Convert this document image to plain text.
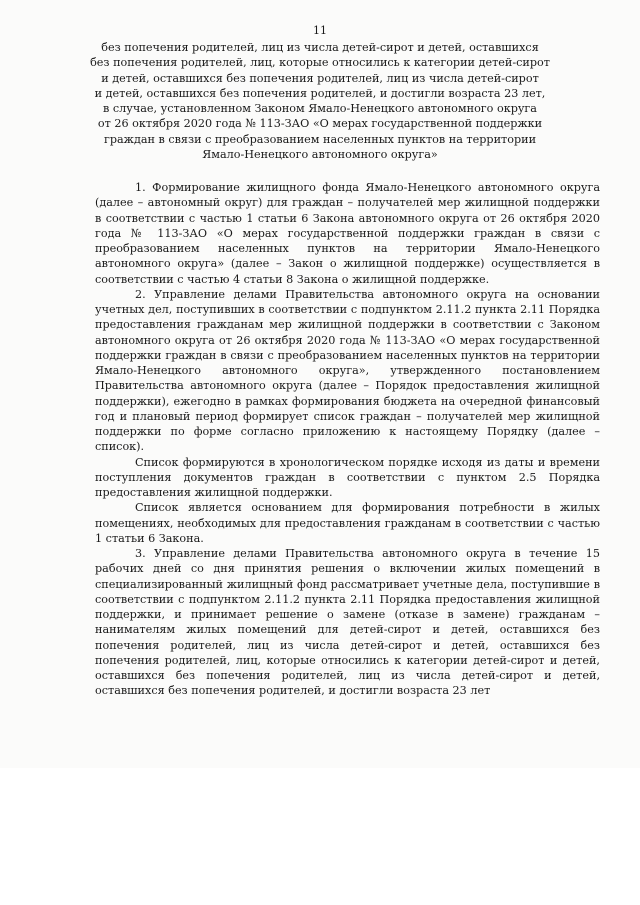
11
без попечения родителей, лиц из числа детей-сирот и детей, оставшихся
без попечения родителей, лиц, которые относились к категории детей-сирот
и детей, оставшихся без попечения родителей, лиц из числа детей-сирот
и детей, оставшихся без попечения родителей, и достигли возраста 23 лет,
в случае, установленном Законом Ямало-Ненецкого автономного округа
от 26 октября 2020 года № 113-ЗАО «О мерах государственной поддержки
граждан в связи с преобразованием населенных пунктов на территории
Ямало-Ненецкого автономного округа»

1. Формирование жилищного фонда Ямало-Ненецкого автономного округа (далее – автономный округ) для граждан – получателей мер жилищной поддержки в соответствии с частью 1 статьи 6 Закона автономного округа от 26 октября 2020 года № 113-ЗАО «О мерах государственной поддержки граждан в связи с преобразованием населенных пунктов на территории Ямало-Ненецкого автономного округа» (далее – Закон о жилищной поддержке) осуществляется в соответствии с частью 4 статьи 8 Закона о жилищной поддержке.

2. Управление делами Правительства автономного округа на основании учетных дел, поступивших в соответствии с подпунктом 2.11.2 пункта 2.11 Порядка предоставления гражданам мер жилищной поддержки в соответствии с Законом автономного округа от 26 октября 2020 года № 113-ЗАО «О мерах государственной поддержки граждан в связи с преобразованием населенных пунктов на территории Ямало-Ненецкого автономного округа», утвержденного постановлением Правительства автономного округа (далее – Порядок предоставления жилищной поддержки), ежегодно в рамках формирования бюджета на очередной финансовый год и плановый период формирует список граждан – получателей мер жилищной поддержки по форме согласно приложению к настоящему Порядку (далее – список).

Список формируются в хронологическом порядке исходя из даты и времени поступления документов граждан в соответствии с пунктом 2.5 Порядка предоставления жилищной поддержки.

Список является основанием для формирования потребности в жилых помещениях, необходимых для предоставления гражданам в соответствии с частью 1 статьи 6 Закона.

3. Управление делами Правительства автономного округа в течение 15 рабочих дней со дня принятия решения о включении жилых помещений в специализированный жилищный фонд рассматривает учетные дела, поступившие в соответствии с подпунктом 2.11.2 пункта 2.11 Порядка предоставления жилищной поддержки, и принимает решение о замене (отказе в замене) гражданам – нанимателям жилых помещений для детей-сирот и детей, оставшихся без попечения родителей, лиц из числа детей-сирот и детей, оставшихся без попечения родителей, лиц, которые относились к категории детей-сирот и детей, оставшихся без попечения родителей, лиц из числа детей-сирот и детей, оставшихся без попечения родителей, и достигли возраста 23 лет
